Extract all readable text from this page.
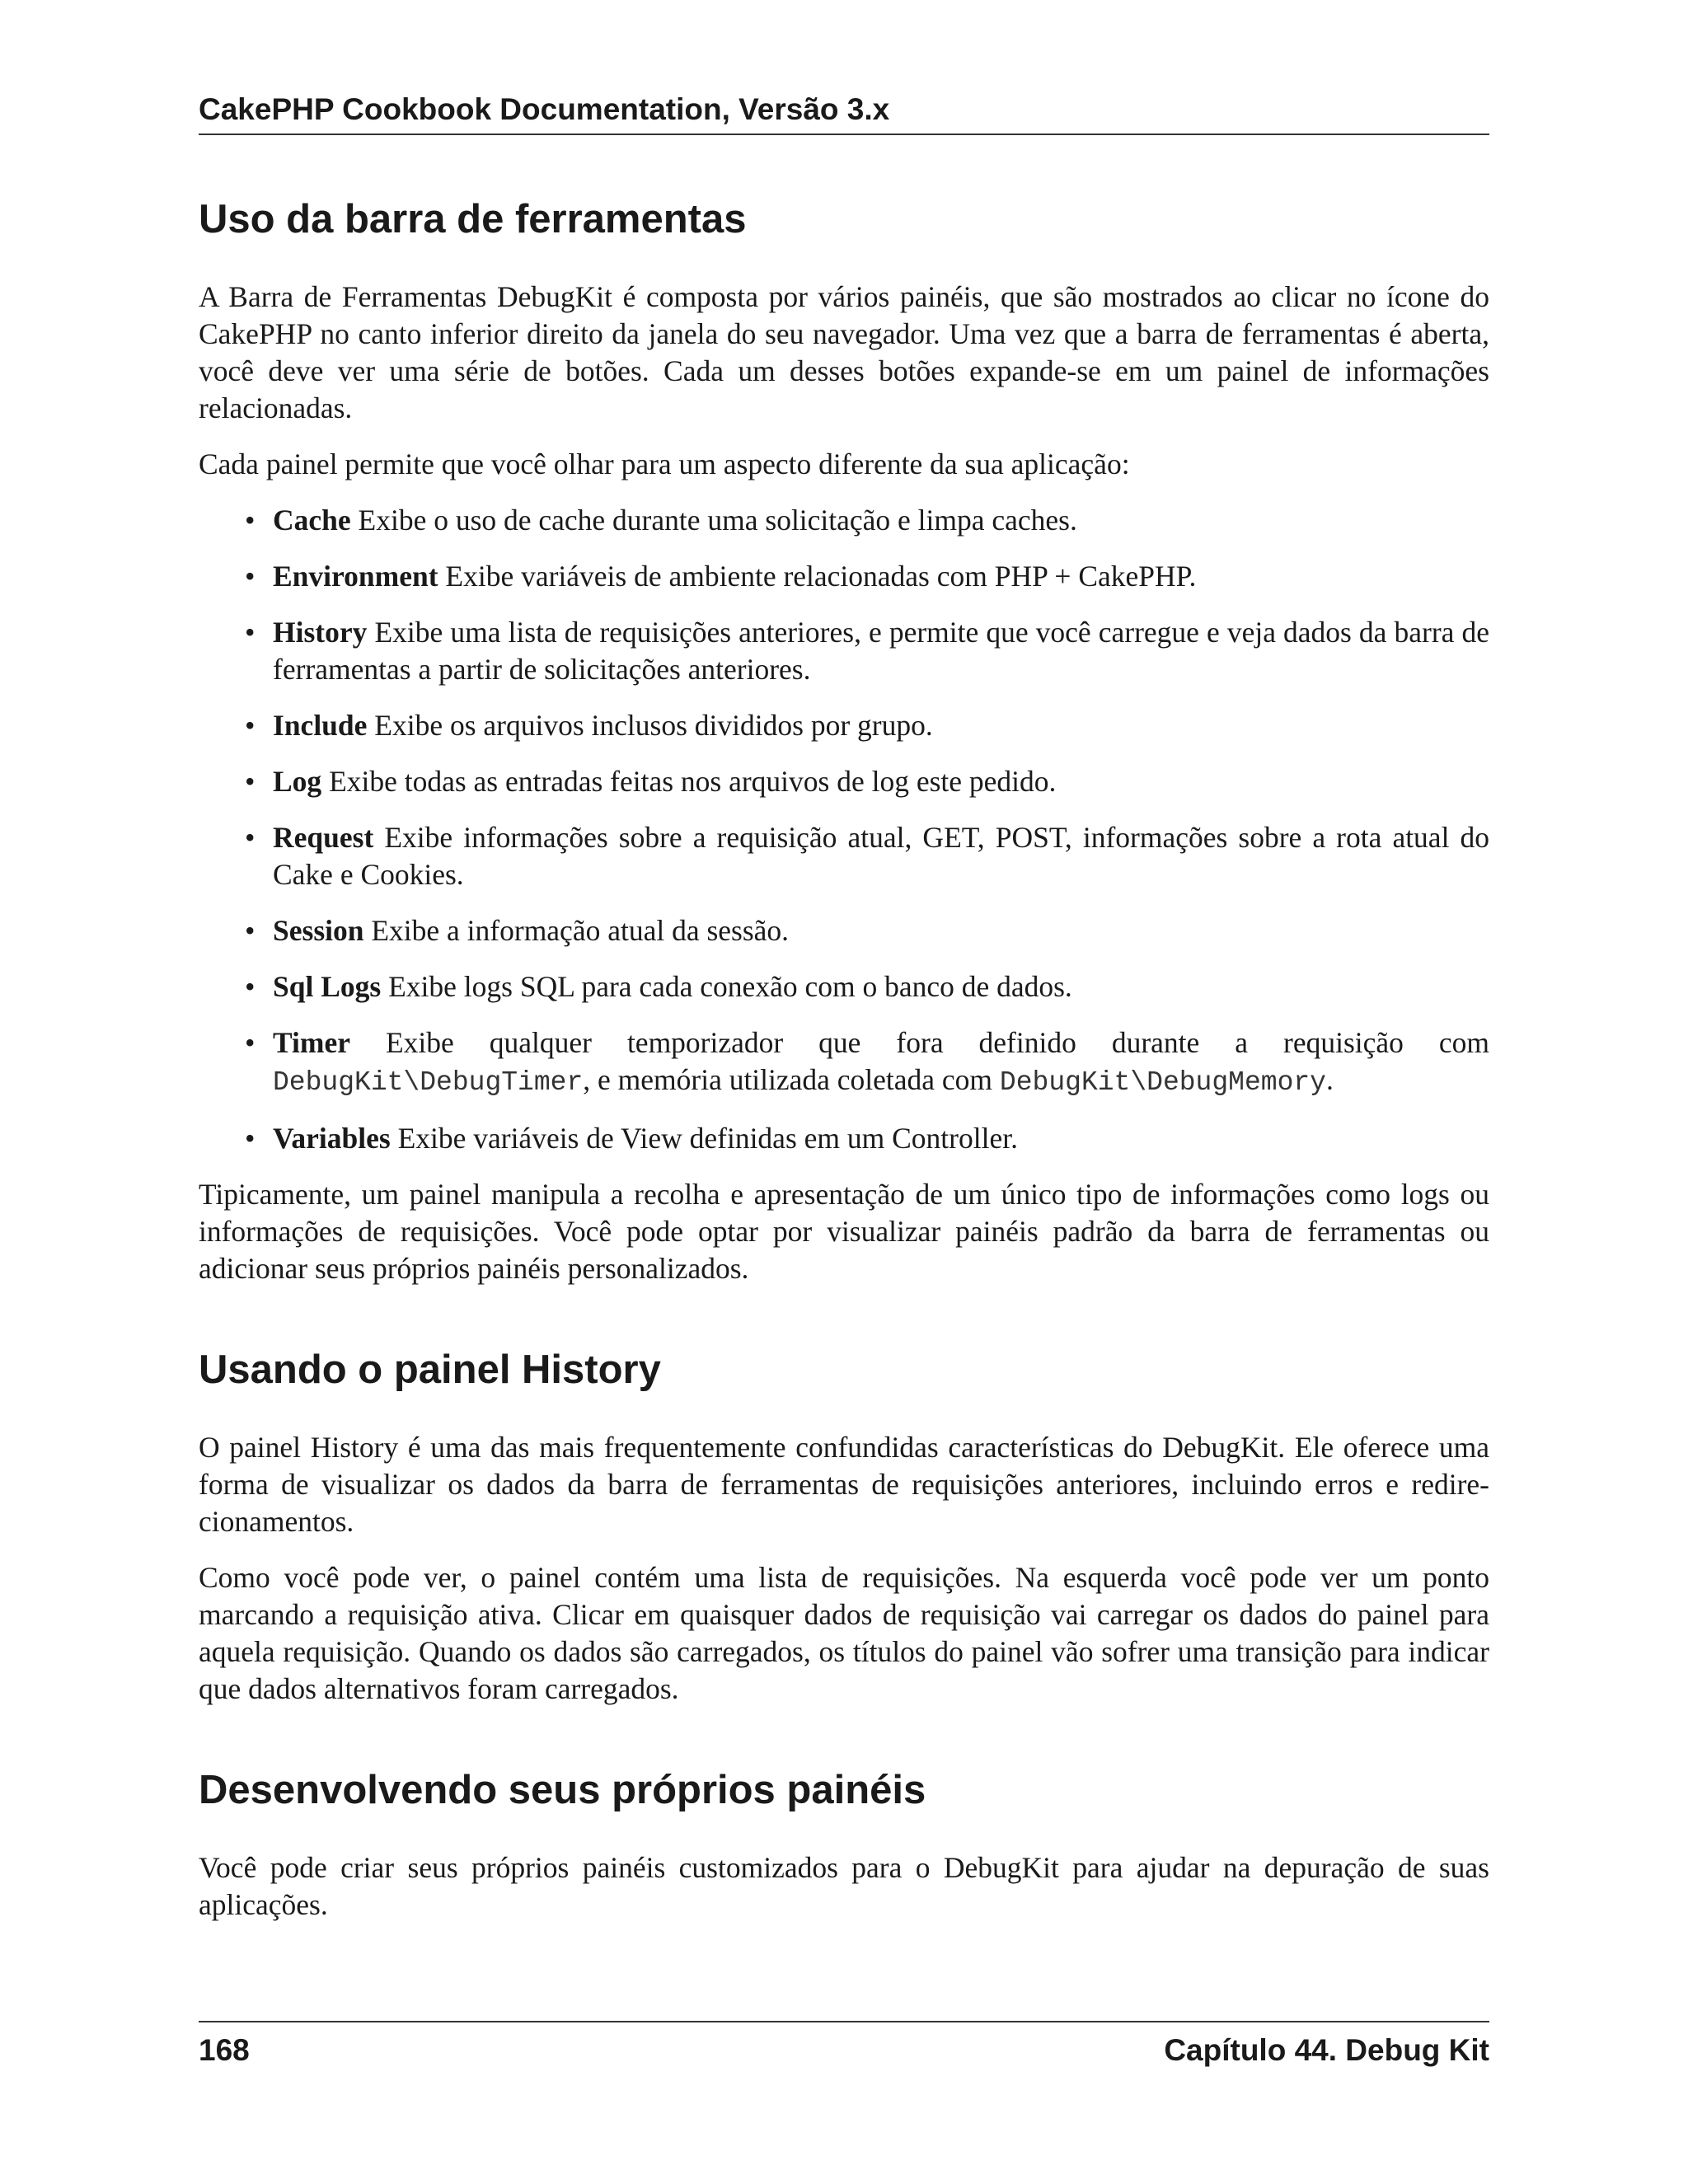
CakePHP Cookbook Documentation, Versão 3.x
Uso da barra de ferramentas

A Barra de Ferramentas DebugKit é composta por vários painéis, que são mostrados ao clicar no ícone do CakePHP no canto inferior direito da janela do seu navegador. Uma vez que a barra de ferramentas é aberta, você deve ver uma série de botões. Cada um desses botões expande-se em um painel de informações relacionadas.

Cada painel permite que você olhar para um aspecto diferente da sua aplicação:

• Cache Exibe o uso de cache durante uma solicitação e limpa caches.
• Environment Exibe variáveis de ambiente relacionadas com PHP + CakePHP.
• History Exibe uma lista de requisições anteriores, e permite que você carregue e veja dados da barra de ferramentas a partir de solicitações anteriores.
• Include Exibe os arquivos inclusos divididos por grupo.
• Log Exibe todas as entradas feitas nos arquivos de log este pedido.
• Request Exibe informações sobre a requisição atual, GET, POST, informações sobre a rota atual do Cake e Cookies.
• Session Exibe a informação atual da sessão.
• Sql Logs Exibe logs SQL para cada conexão com o banco de dados.
• Timer Exibe qualquer temporizador que fora definido durante a requisição com DebugKit\DebugTimer, e memória utilizada coletada com DebugKit\DebugMemory.
• Variables Exibe variáveis de View definidas em um Controller.

Tipicamente, um painel manipula a recolha e apresentação de um único tipo de informações como logs ou informações de requisições. Você pode optar por visualizar painéis padrão da barra de ferramentas ou adicionar seus próprios painéis personalizados.

Usando o painel History

O painel History é uma das mais frequentemente confundidas características do DebugKit. Ele oferece uma forma de visualizar os dados da barra de ferramentas de requisições anteriores, incluindo erros e redire-cionamentos.

Como você pode ver, o painel contém uma lista de requisições. Na esquerda você pode ver um ponto marcando a requisição ativa. Clicar em quaisquer dados de requisição vai carregar os dados do painel para aquela requisição. Quando os dados são carregados, os títulos do painel vão sofrer uma transição para indicar que dados alternativos foram carregados.

Desenvolvendo seus próprios painéis

Você pode criar seus próprios painéis customizados para o DebugKit para ajudar na depuração de suas aplicações.

168	Capítulo 44. Debug Kit
